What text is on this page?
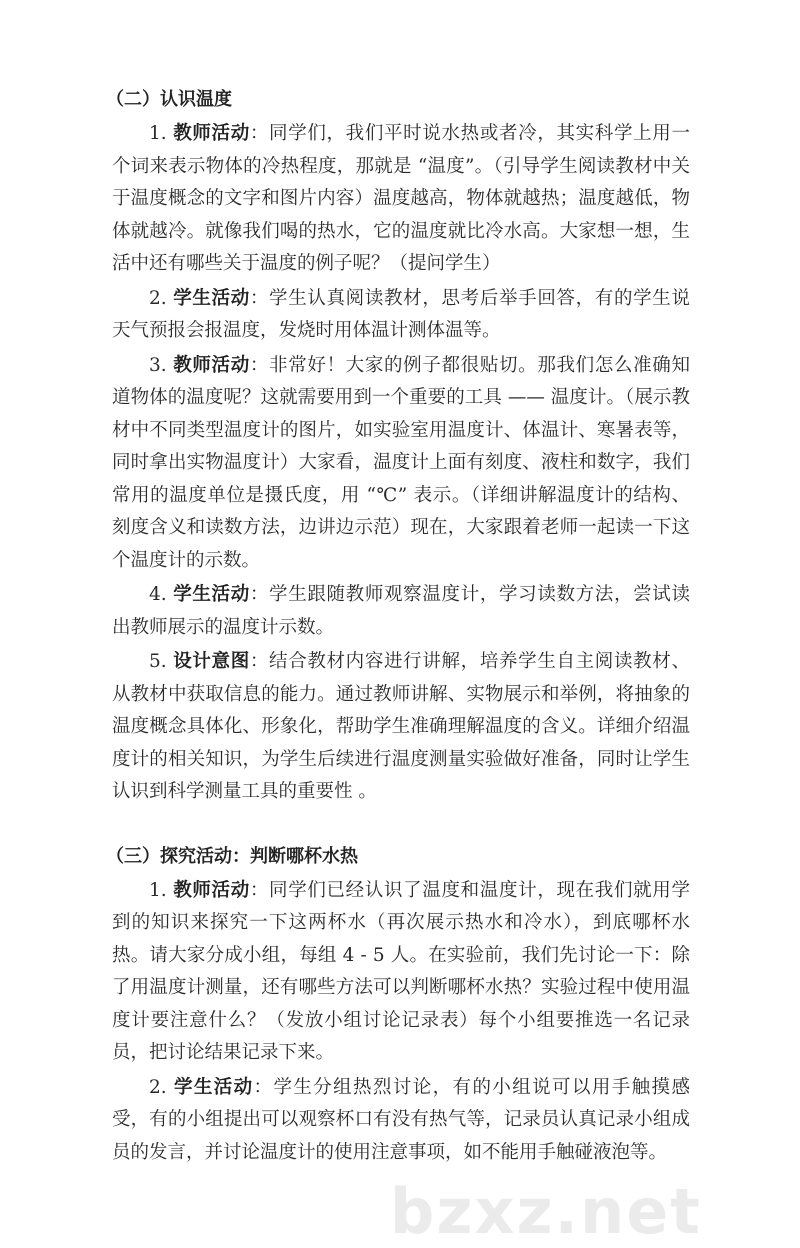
（二）认识温度

1. 教师活动：同学们，我们平时说水热或者冷，其实科学上用一个词来表示物体的冷热程度，那就是 “温度”。（引导学生阅读教材中关于温度概念的文字和图片内容）温度越高，物体就越热；温度越低，物体就越冷。就像我们喝的热水，它的温度就比冷水高。大家想一想，生活中还有哪些关于温度的例子呢？（提问学生）

2. 学生活动：学生认真阅读教材，思考后举手回答，有的学生说天气预报会报温度，发烧时用体温计测体温等。

3. 教师活动：非常好！大家的例子都很贴切。那我们怎么准确知道物体的温度呢？这就需要用到一个重要的工具 —— 温度计。（展示教材中不同类型温度计的图片，如实验室用温度计、体温计、寒暑表等，同时拿出实物温度计）大家看，温度计上面有刻度、液柱和数字，我们常用的温度单位是摄氏度，用 “℃” 表示。（详细讲解温度计的结构、刻度含义和读数方法，边讲边示范）现在，大家跟着老师一起读一下这个温度计的示数。

4. 学生活动：学生跟随教师观察温度计，学习读数方法，尝试读出教师展示的温度计示数。

5. 设计意图：结合教材内容进行讲解，培养学生自主阅读教材、从教材中获取信息的能力。通过教师讲解、实物展示和举例，将抽象的温度概念具体化、形象化，帮助学生准确理解温度的含义。详细介绍温度计的相关知识，为学生后续进行温度测量实验做好准备，同时让学生认识到科学测量工具的重要性 。

（三）探究活动：判断哪杯水热

1. 教师活动：同学们已经认识了温度和温度计，现在我们就用学到的知识来探究一下这两杯水（再次展示热水和冷水），到底哪杯水热。请大家分成小组，每组 4 - 5 人。在实验前，我们先讨论一下：除了用温度计测量，还有哪些方法可以判断哪杯水热？实验过程中使用温度计要注意什么？（发放小组讨论记录表）每个小组要推选一名记录员，把讨论结果记录下来。

2. 学生活动：学生分组热烈讨论，有的小组说可以用手触摸感受，有的小组提出可以观察杯口有没有热气等，记录员认真记录小组成员的发言，并讨论温度计的使用注意事项，如不能用手触碰液泡等。

bzxz.net
